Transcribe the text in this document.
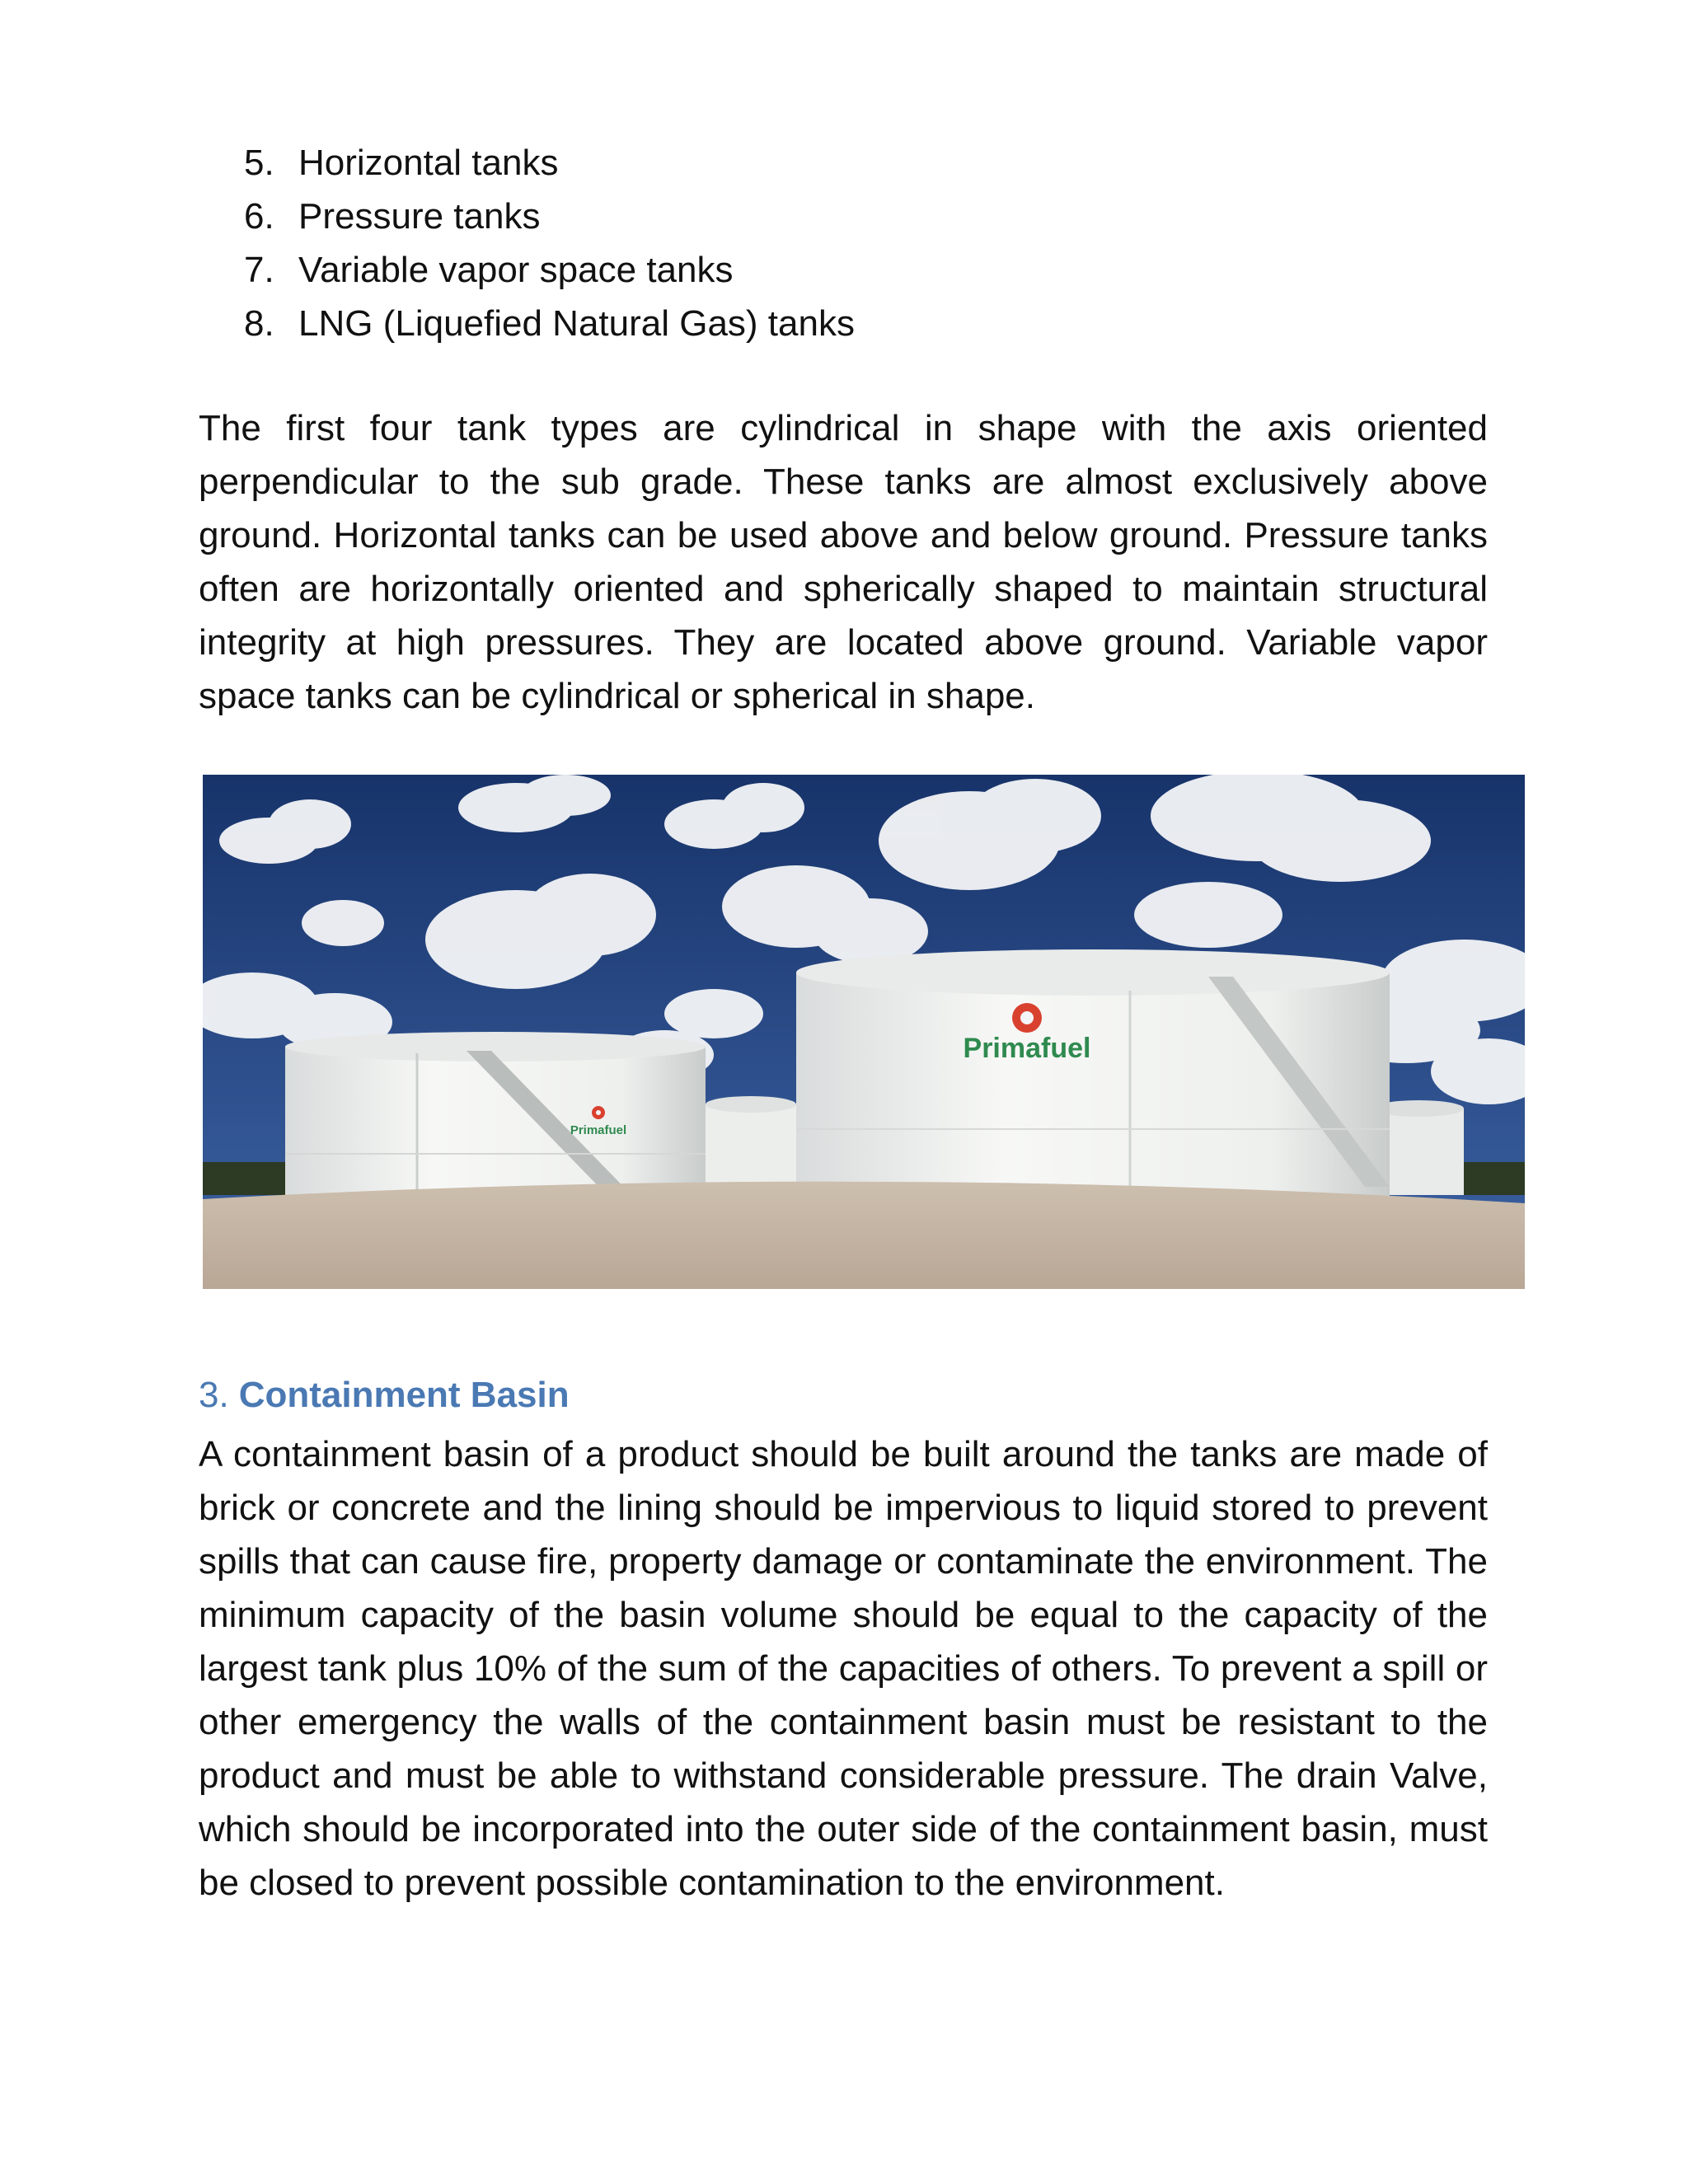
5. Horizontal tanks
6. Pressure tanks
7. Variable vapor space tanks
8. LNG (Liquefied Natural Gas) tanks

The first four tank types are cylindrical in shape with the axis oriented perpendicular to the sub grade. These tanks are almost exclusively above ground. Horizontal tanks can be used above and below ground. Pressure tanks often are horizontally oriented and spherically shaped to maintain structural integrity at high pressures. They are located above ground. Variable vapor space tanks can be cylindrical or spherical in shape.

Primafuel
Primafuel
3. Containment Basin

A containment basin of a product should be built around the tanks are made of brick or concrete and the lining should be impervious to liquid stored to prevent spills that can cause fire, property damage or contaminate the environment. The minimum capacity of the basin volume should be equal to the capacity of the largest tank plus 10% of the sum of the capacities of others. To prevent a spill or other emergency the walls of the containment basin must be resistant to the product and must be able to withstand considerable pressure. The drain Valve, which should be incorporated into the outer side of the containment basin, must be closed to prevent possible contamination to the environment.
